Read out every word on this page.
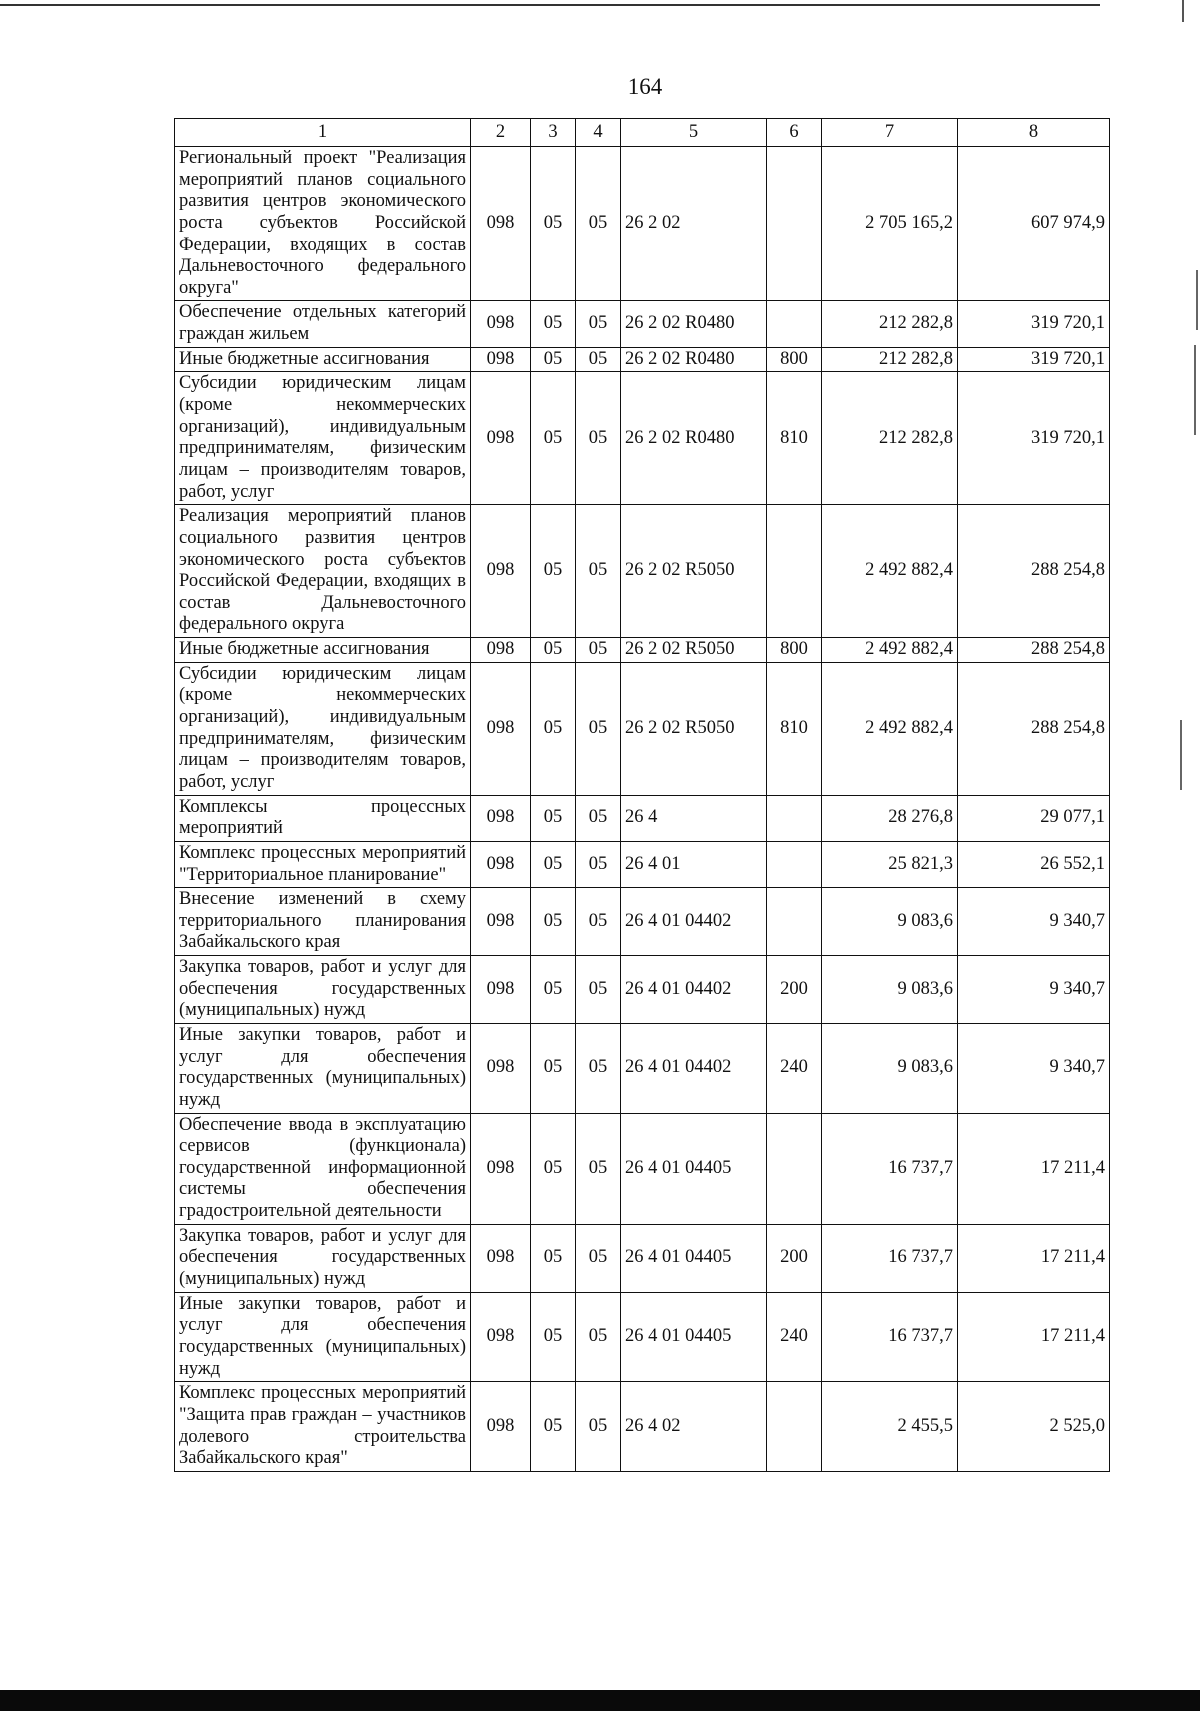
164
1	2	3	4	5	6	7	8
Региональный проект "Реализация мероприятий планов социального развития центров экономического роста субъектов Российской Федерации, входящих в состав Дальневосточного федерального округа"	098	05	05	26 2 02		2 705 165,2	607 974,9
Обеспечение отдельных категорий граждан жильем	098	05	05	26 2 02 R0480		212 282,8	319 720,1
Иные бюджетные ассигнования	098	05	05	26 2 02 R0480	800	212 282,8	319 720,1
Субсидии юридическим лицам (кроме некоммерческих организаций), индивидуальным предпринимателям, физическим лицам – производителям товаров, работ, услуг	098	05	05	26 2 02 R0480	810	212 282,8	319 720,1
Реализация мероприятий планов социального развития центров экономического роста субъектов Российской Федерации, входящих в состав Дальневосточного федерального округа	098	05	05	26 2 02 R5050		2 492 882,4	288 254,8
Иные бюджетные ассигнования	098	05	05	26 2 02 R5050	800	2 492 882,4	288 254,8
Субсидии юридическим лицам (кроме некоммерческих организаций), индивидуальным предпринимателям, физическим лицам – производителям товаров, работ, услуг	098	05	05	26 2 02 R5050	810	2 492 882,4	288 254,8
Комплексы процессных мероприятий	098	05	05	26 4		28 276,8	29 077,1
Комплекс процессных мероприятий "Территориальное планирование"	098	05	05	26 4 01		25 821,3	26 552,1
Внесение изменений в схему территориального планирования Забайкальского края	098	05	05	26 4 01 04402		9 083,6	9 340,7
Закупка товаров, работ и услуг для обеспечения государственных (муниципальных) нужд	098	05	05	26 4 01 04402	200	9 083,6	9 340,7
Иные закупки товаров, работ и услуг для обеспечения государственных (муниципальных) нужд	098	05	05	26 4 01 04402	240	9 083,6	9 340,7
Обеспечение ввода в эксплуатацию сервисов (функционала) государственной информационной системы обеспечения градостроительной деятельности	098	05	05	26 4 01 04405		16 737,7	17 211,4
Закупка товаров, работ и услуг для обеспечения государственных (муниципальных) нужд	098	05	05	26 4 01 04405	200	16 737,7	17 211,4
Иные закупки товаров, работ и услуг для обеспечения государственных (муниципальных) нужд	098	05	05	26 4 01 04405	240	16 737,7	17 211,4
Комплекс процессных мероприятий "Защита прав граждан – участников долевого строительства Забайкальского края"	098	05	05	26 4 02		2 455,5	2 525,0
